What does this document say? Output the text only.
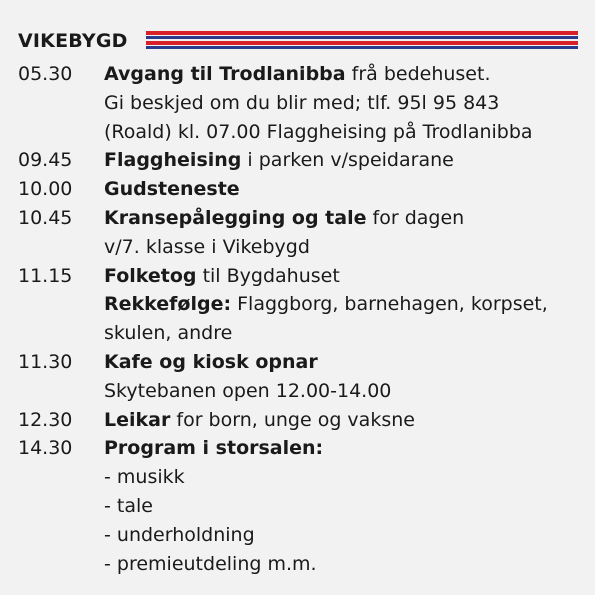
VIKEBYGD
05.30	Avgang til Trodlanibba frå bedehuset.
Gi beskjed om du blir med; tlf. 95l 95 843
(Roald) kl. 07.00 Flaggheising på Trodlanibba
09.45	Flaggheising i parken v/speidarane
10.00	Gudsteneste
10.45	Kransepålegging og tale for dagen
v/7. klasse i Vikebygd
11.15	Folketog til Bygdahuset
Rekkefølge: Flaggborg, barnehagen, korpset,
skulen, andre
11.30	Kafe og kiosk opnar
Skytebanen open 12.00-14.00
12.30	Leikar for born, unge og vaksne
14.30	Program i storsalen:
- musikk
- tale
- underholdning
- premieutdeling m.m.
